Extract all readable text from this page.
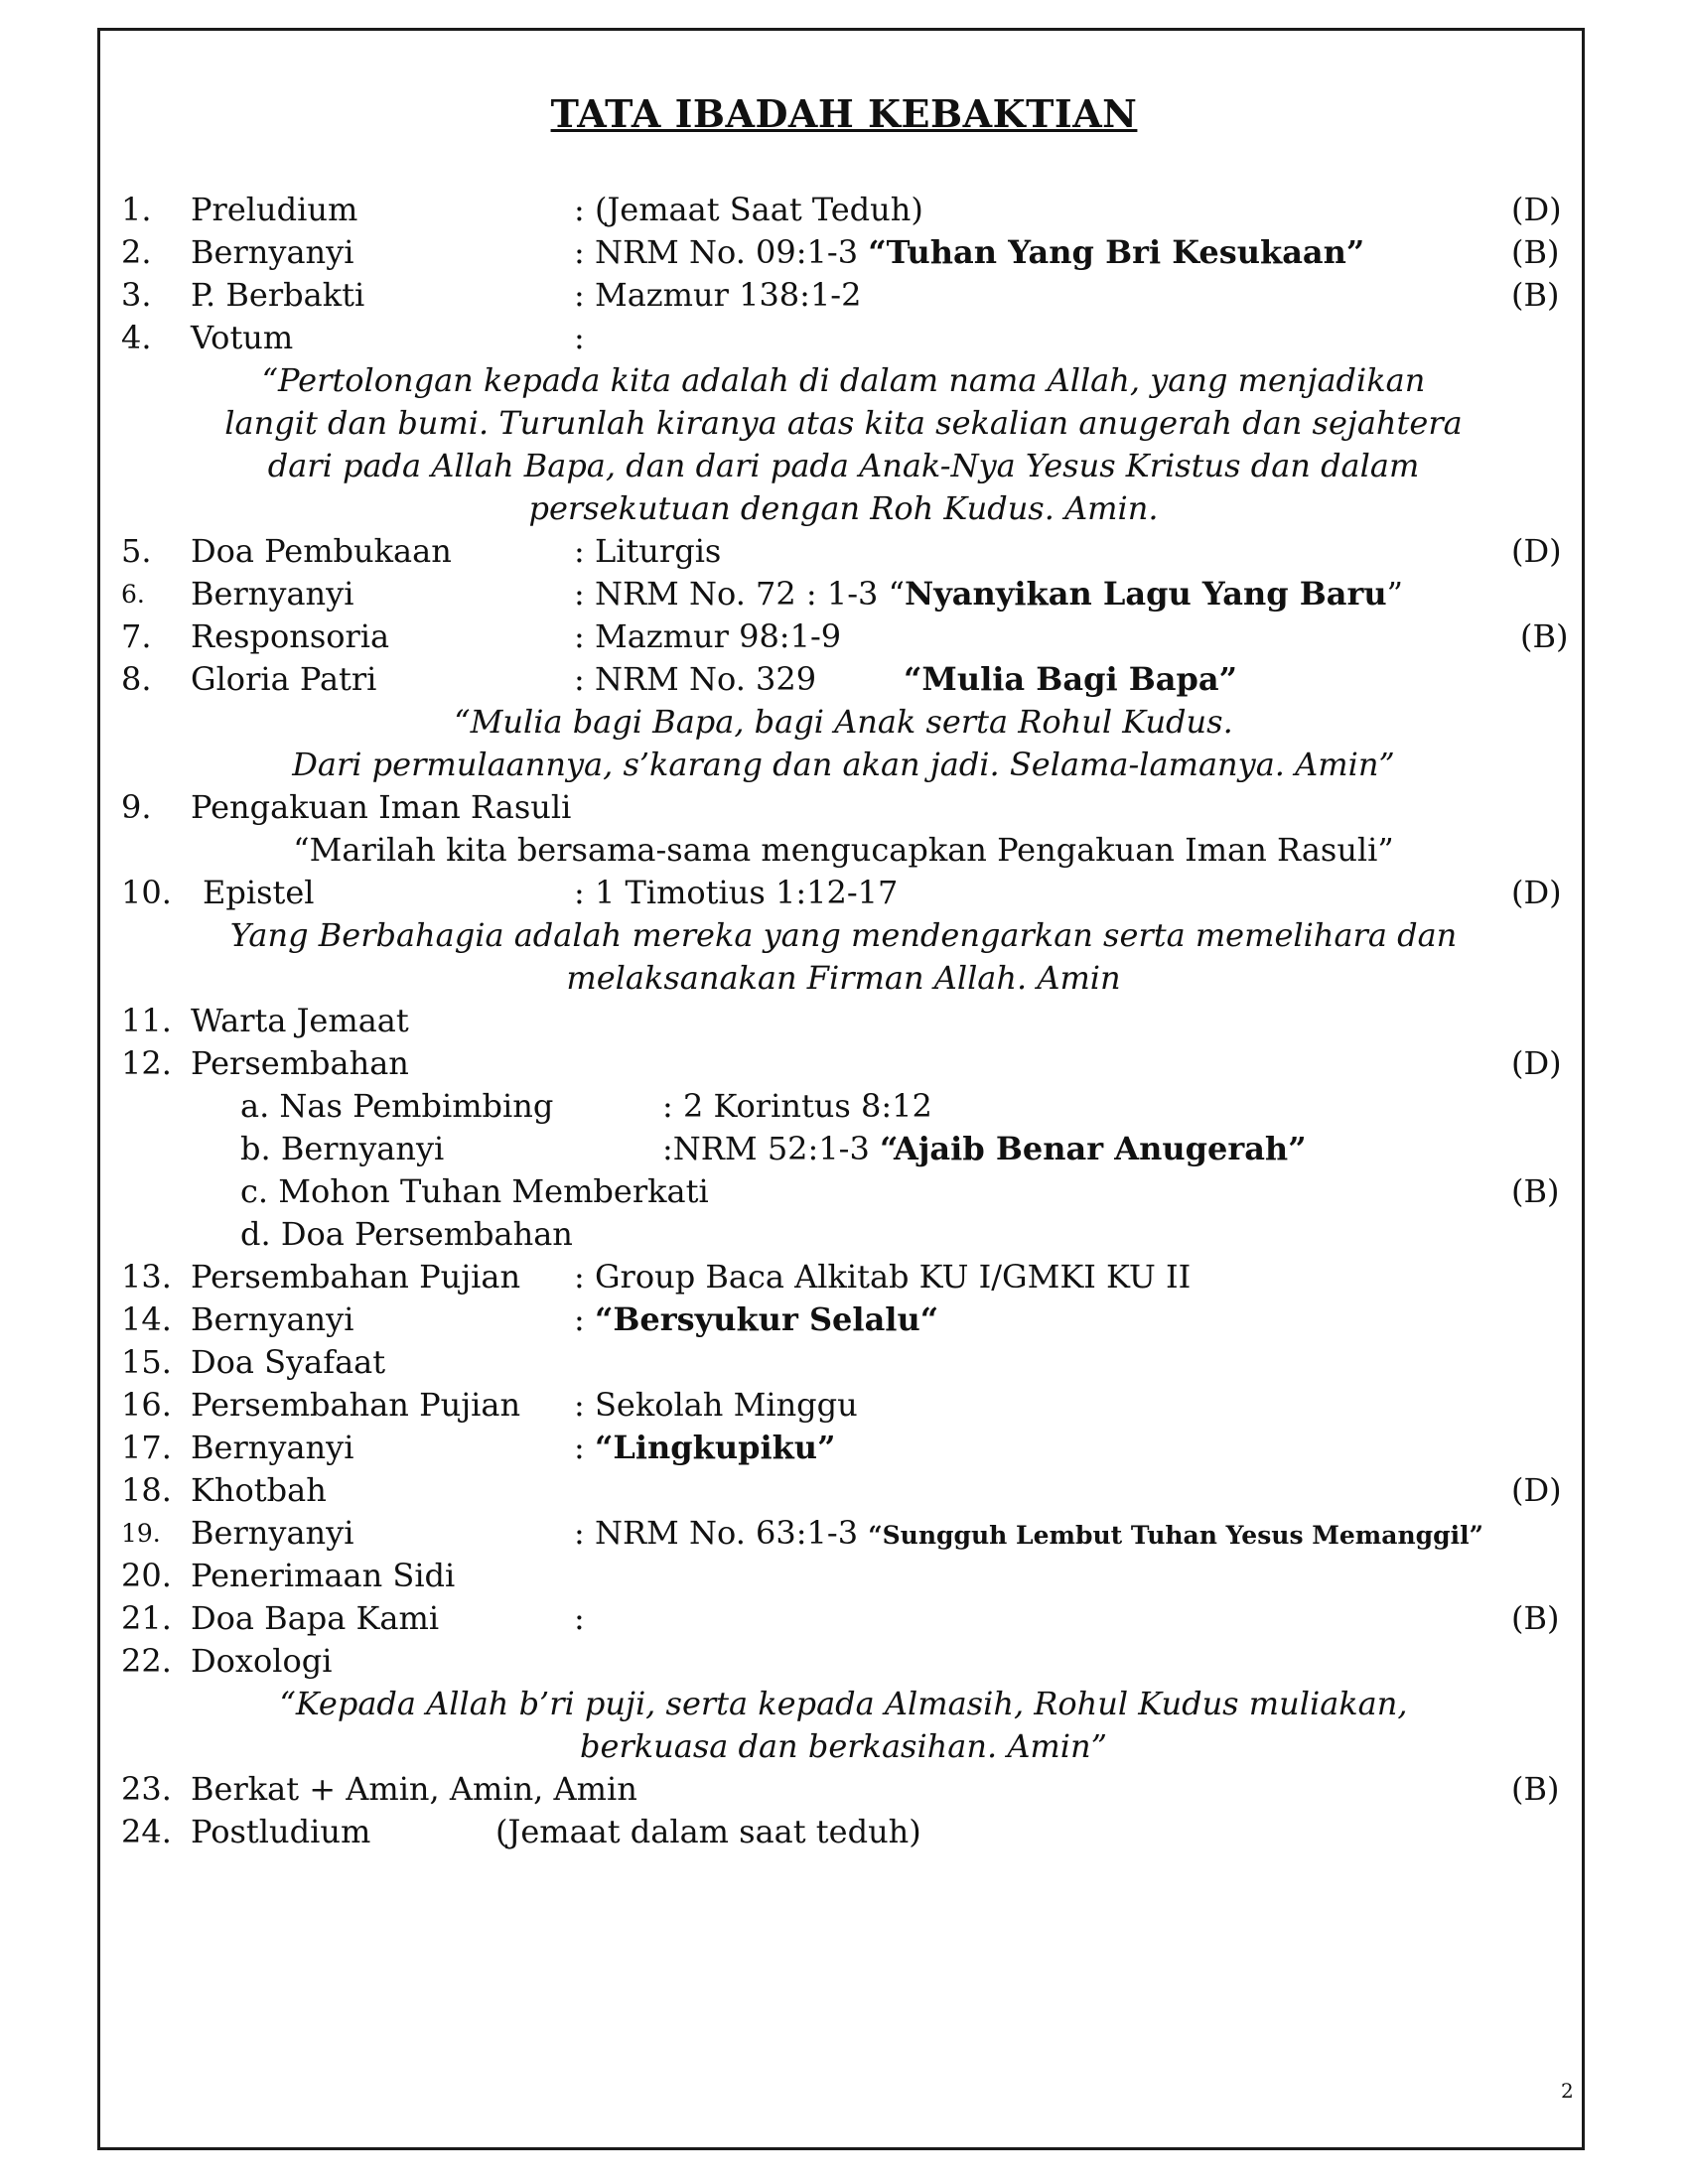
TATA IBADAH KEBAKTIAN
1. Preludium	: (Jemaat Saat Teduh)	(D)
2. Bernyanyi	: NRM No. 09:1-3 “Tuhan Yang Bri Kesukaan”	(B)
3. P. Berbakti	: Mazmur 138:1-2	(B)
4. Votum	:

“Pertolongan kepada kita adalah di dalam nama Allah, yang menjadikan

langit dan bumi. Turunlah kiranya atas kita sekalian anugerah dan sejahtera

dari pada Allah Bapa, dan dari pada Anak-Nya Yesus Kristus dan dalam

persekutuan dengan Roh Kudus. Amin.

5. Doa Pembukaan	: Liturgis	(D)
6. Bernyanyi	: NRM No. 72 : 1-3 “Nyanyikan Lagu Yang Baru”
7. Responsoria	: Mazmur 98:1-9	(B)
8. Gloria Patri	: NRM No. 329	“Mulia Bagi Bapa”

“Mulia bagi Bapa, bagi Anak serta Rohul Kudus.

Dari permulaannya, s’karang dan akan jadi. Selama-lamanya. Amin”

9. Pengakuan Iman Rasuli

“Marilah kita bersama-sama mengucapkan Pengakuan Iman Rasuli”

10. Epistel	: 1 Timotius 1:12-17	(D)

Yang Berbahagia adalah mereka yang mendengarkan serta memelihara dan

melaksanakan Firman Allah. Amin

11. Warta Jemaat
12. Persembahan	(D)
a. Nas Pembimbing	: 2 Korintus 8:12
b. Bernyanyi	:NRM 52:1-3 “Ajaib Benar Anugerah”
c. Mohon Tuhan Memberkati	(B)
d. Doa Persembahan
13. Persembahan Pujian : Group Baca Alkitab KU I/GMKI KU II
14. Bernyanyi	: “Bersyukur Selalu“
15. Doa Syafaat
16. Persembahan Pujian : Sekolah Minggu
17. Bernyanyi	: “Lingkupiku”
18. Khotbah	(D)
19. Bernyanyi	: NRM No. 63:1-3 “Sungguh Lembut Tuhan Yesus Memanggil”
20. Penerimaan Sidi
21. Doa Bapa Kami	:	(B)
22. Doxologi

“Kepada Allah b’ri puji, serta kepada Almasih, Rohul Kudus muliakan,

berkuasa dan berkasihan. Amin”

23. Berkat + Amin, Amin, Amin	(B)
24. Postludium	(Jemaat dalam saat teduh)
2
